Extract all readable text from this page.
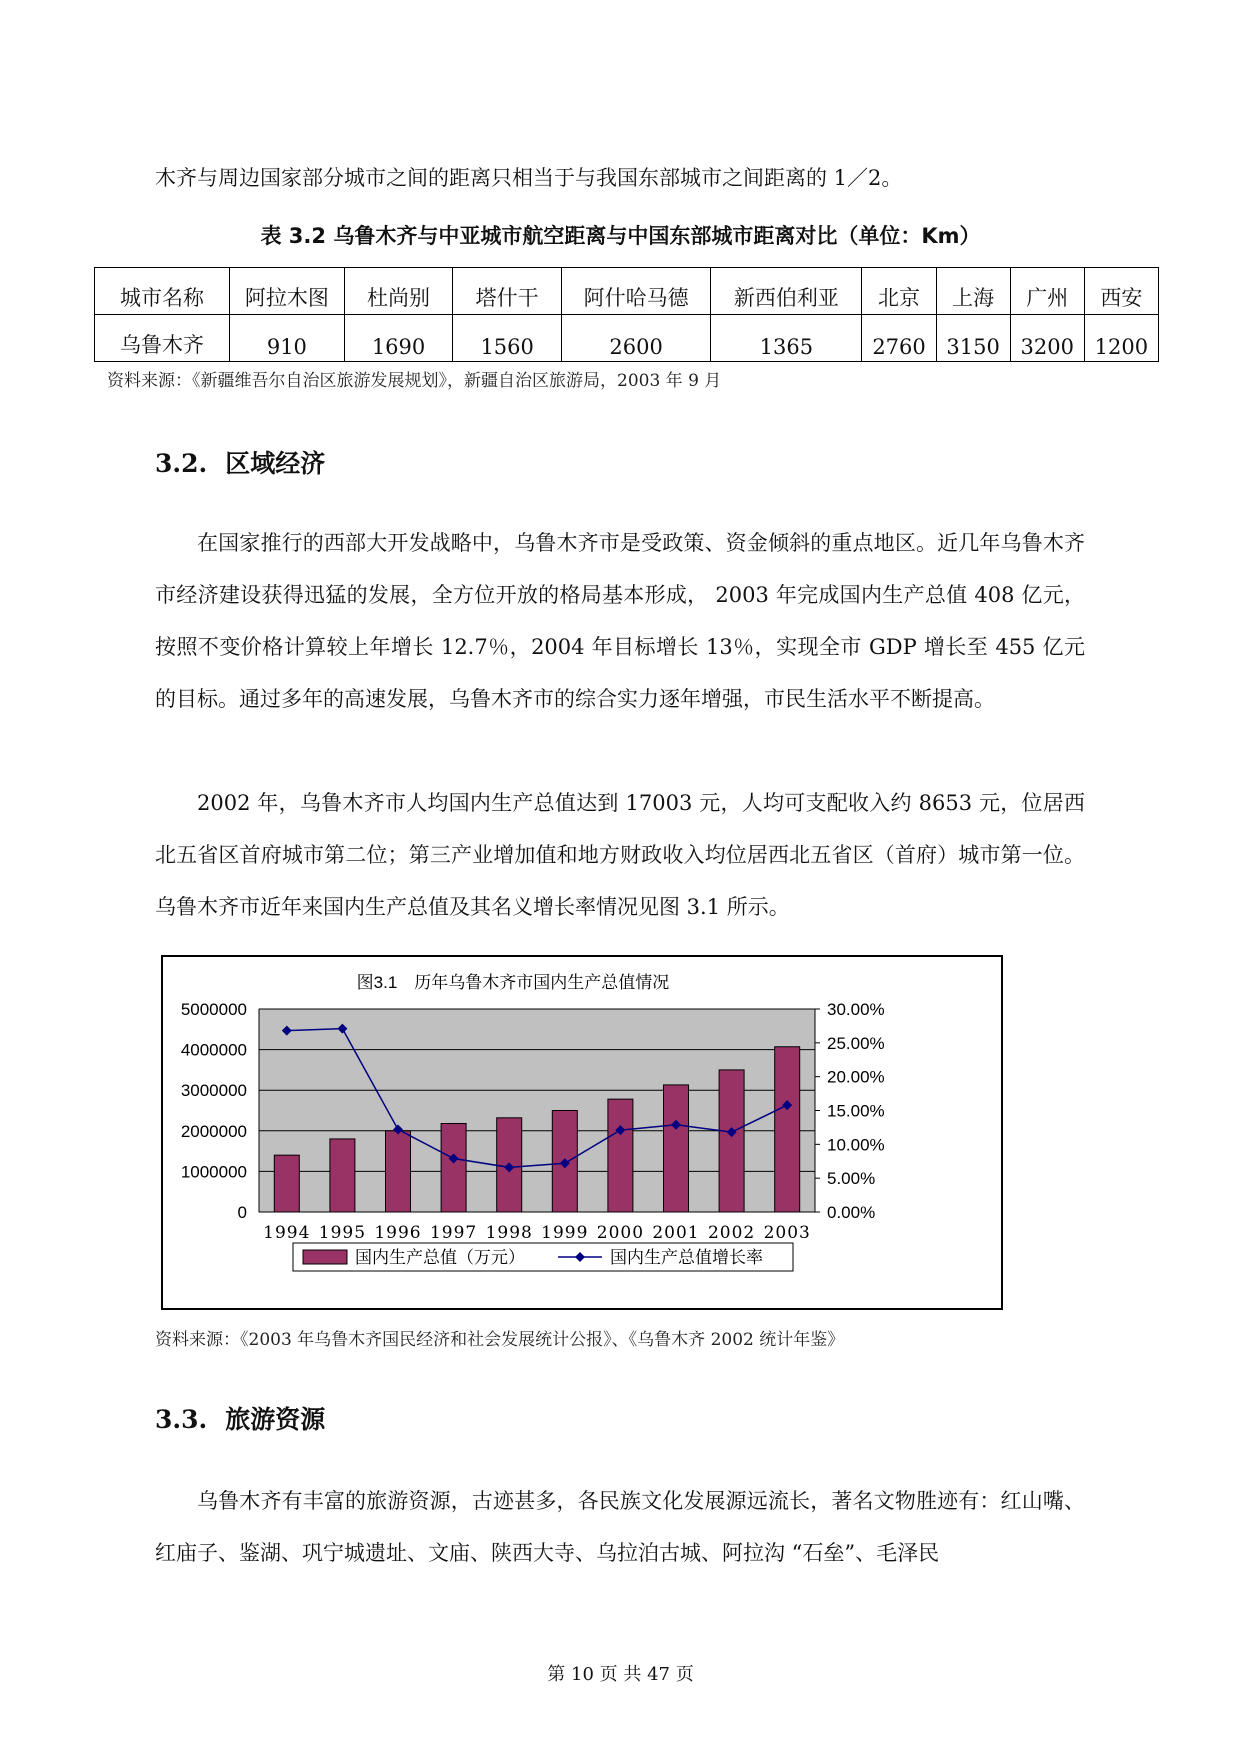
木齐与周边国家部分城市之间的距离只相当于与我国东部城市之间距离的 1／2。

表 3.2 乌鲁木齐与中亚城市航空距离与中国东部城市距离对比（单位：Km）
城市名称	阿拉木图	杜尚别	塔什干	阿什哈马德	新西伯利亚	北京	上海	广州	西安
乌鲁木齐	910	1690	1560	2600	1365	2760	3150	3200	1200
资料来源：《新疆维吾尔自治区旅游发展规划》，新疆自治区旅游局，2003 年 9 月
3.2. 区域经济

在国家推行的西部大开发战略中，乌鲁木齐市是受政策、资金倾斜的重点地区。近几年乌鲁木齐市经济建设获得迅猛的发展，全方位开放的格局基本形成， 2003 年完成国内生产总值 408 亿元，按照不变价格计算较上年增长 12.7％，2004 年目标增长 13％，实现全市 GDP 增长至 455 亿元的目标。通过多年的高速发展，乌鲁木齐市的综合实力逐年增强，市民生活水平不断提高。

2002 年，乌鲁木齐市人均国内生产总值达到 17003 元，人均可支配收入约 8653 元，位居西北五省区首府城市第二位；第三产业增加值和地方财政收入均位居西北五省区（首府）城市第一位。乌鲁木齐市近年来国内生产总值及其名义增长率情况见图 3.1 所示。

图3.1　历年乌鲁木齐市国内生产总值情况
0
1000000
2000000
3000000
4000000
5000000
0.00%
5.00%
10.00%
15.00%
20.00%
25.00%
30.00%
1994 1995 1996 1997 1998 1999 2000 2001 2002 2003
国内生产总值（万元）	国内生产总值增长率
资料来源：《2003 年乌鲁木齐国民经济和社会发展统计公报》、《乌鲁木齐 2002 统计年鉴》
3.3. 旅游资源

乌鲁木齐有丰富的旅游资源，古迹甚多，各民族文化发展源远流长，著名文物胜迹有：红山嘴、红庙子、鉴湖、巩宁城遗址、文庙、陕西大寺、乌拉泊古城、阿拉沟 “石垒”、毛泽民

第 10 页 共 47 页
